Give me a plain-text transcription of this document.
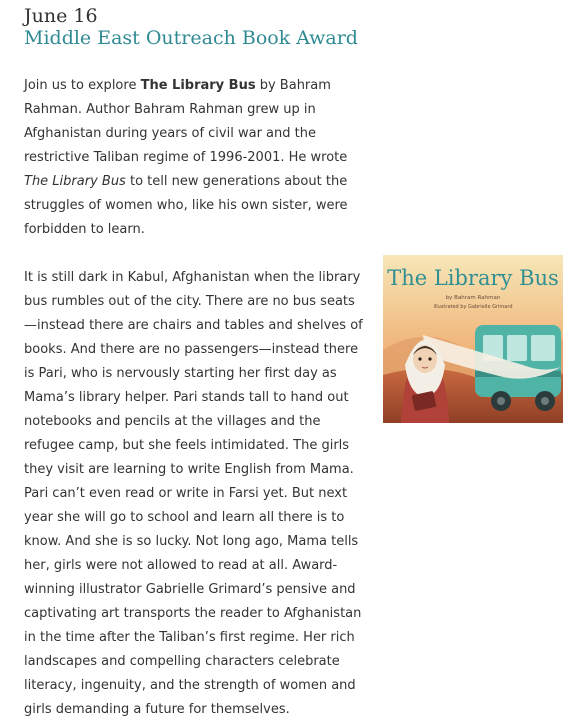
June 16
Middle East Outreach Book Award

Join us to explore The Library Bus by Bahram Rahman. Author Bahram Rahman grew up in Afghanistan during years of civil war and the restrictive Taliban regime of 1996-2001. He wrote The Library Bus to tell new generations about the struggles of women who, like his own sister, were forbidden to learn.

It is still dark in Kabul, Afghanistan when the library bus rumbles out of the city. There are no bus seats—instead there are chairs and tables and shelves of books. And there are no passengers—instead there is Pari, who is nervously starting her first day as Mama’s library helper. Pari stands tall to hand out notebooks and pencils at the villages and the refugee camp, but she feels intimidated. The girls they visit are learning to write English from Mama. Pari can’t even read or write in Farsi yet. But next year she will go to school and learn all there is to know. And she is so lucky. Not long ago, Mama tells her, girls were not allowed to read at all. Award-winning illustrator Gabrielle Grimard’s pensive and captivating art transports the reader to Afghanistan in the time after the Taliban’s first regime. Her rich landscapes and compelling characters celebrate literacy, ingenuity, and the strength of women and girls demanding a future for themselves.

The Library Bus
by Bahram Rahman
illustrated by Gabrielle Grimard
